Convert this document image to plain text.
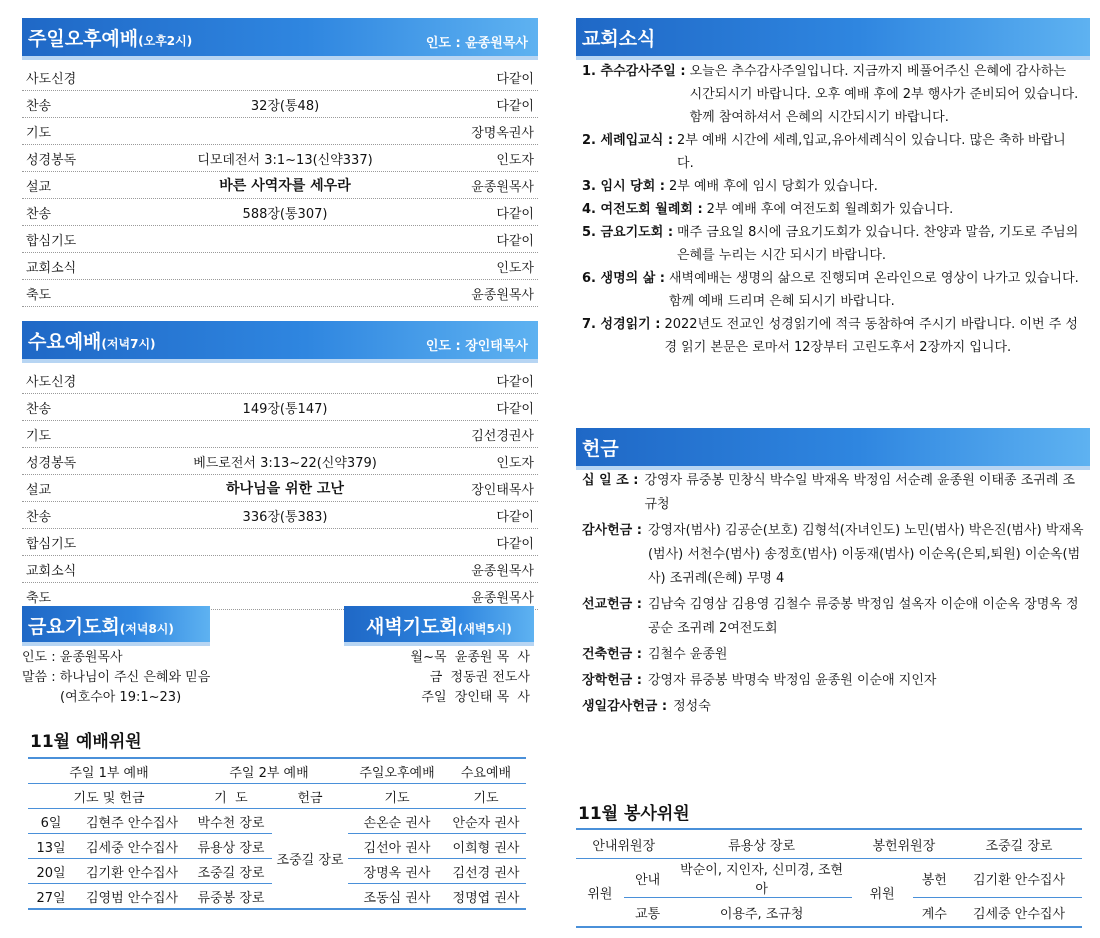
주일오후예배(오후2시)	인도 : 윤종원목사
사도신경	다같이
찬송	32장(통48)	다같이
기도	장명옥권사
성경봉독	디모데전서 3:1~13(신약337)	인도자
설교	바른 사역자를 세우라	윤종원목사
찬송	588장(통307)	다같이
합심기도	다같이
교회소식	인도자
축도	윤종원목사
수요예배(저녁7시)	인도 : 장인태목사
사도신경	다같이
찬송	149장(통147)	다같이
기도	김선경권사
성경봉독	베드로전서 3:13~22(신약379)	인도자
설교	하나님을 위한 고난	장인태목사
찬송	336장(통383)	다같이
합심기도	다같이
교회소식	윤종원목사
축도	윤종원목사
금요기도회(저녁8시)
인도 : 윤종원목사
말씀 : 하나님이 주신 은혜와 믿음
(여호수아 19:1~23)
새벽기도회(새벽5시)
월~목  윤종원 목  사
금  정동권 전도사
주일  장인태 목  사
11월 예배위원
주일 1부 예배		주일 2부 예배		주일오후예배	수요예배
기도 및 헌금		기  도	헌금	기도	기도
6일	김현주 안수집사	박수천 장로	조중길 장로	손온순 권사	안순자 권사
13일	김세중 안수집사	류용상 장로		김선아 권사	이희형 권사
20일	김기환 안수집사	조중길 장로		장명옥 권사	김선경 권사
27일	김영범 안수집사	류중봉 장로		조동심 권사	정명엽 권사
교회소식
1. 추수감사주일 : 오늘은 추수감사주일입니다. 지금까지 베풀어주신 은혜에 감사하는 시간되시기 바랍니다. 오후 예배 후에 2부 행사가 준비되어 있습니다. 함께 참여하셔서 은혜의 시간되시기 바랍니다.
2. 세례입교식 : 2부 예배 시간에 세례,입교,유아세례식이 있습니다. 많은 축하 바랍니다.
3. 임시 당회 : 2부 예배 후에 임시 당회가 있습니다.
4. 여전도회 월례회 : 2부 예배 후에 여전도회 월례회가 있습니다.
5. 금요기도회 : 매주 금요일 8시에 금요기도회가 있습니다. 찬양과 말씀, 기도로 주님의 은혜를 누리는 시간 되시기 바랍니다.
6. 생명의 삶 : 새벽예배는 생명의 삶으로 진행되며 온라인으로 영상이 나가고 있습니다. 함께 예배 드리며 은혜 되시기 바랍니다.
7. 성경읽기 : 2022년도 전교인 성경읽기에 적극 동참하여 주시기 바랍니다. 이번 주 성경 읽기 본문은 로마서 12장부터 고린도후서 2장까지 입니다.
헌금
십 일 조 : 강영자 류중봉 민창식 박수일 박재옥 박정임 서순례 윤종원 이태종 조귀례 조규청
감사헌금 : 강영자(범사) 김공순(보호) 김형석(자녀인도) 노민(범사) 박은진(범사) 박재옥(범사) 서천수(범사) 송정호(범사) 이동재(범사) 이순옥(은퇴,퇴원) 이순옥(범사) 조귀례(은혜) 무명 4
선교헌금 : 김남숙 김영삼 김용영 김철수 류중봉 박정임 설옥자 이순애 이순옥 장명옥 정공순 조귀례 2여전도회
건축헌금 : 김철수 윤종원
장학헌금 : 강영자 류중봉 박명숙 박정임 윤종원 이순애 지인자
생일감사헌금 : 정성숙
11월 봉사위원
안내위원장		류용상 장로	봉헌위원장		조중길 장로
위원	안내	박순이, 지인자, 신미경, 조현아	위원	봉헌	김기환 안수집사
	교통	이용주, 조규청		계수	김세중 안수집사
